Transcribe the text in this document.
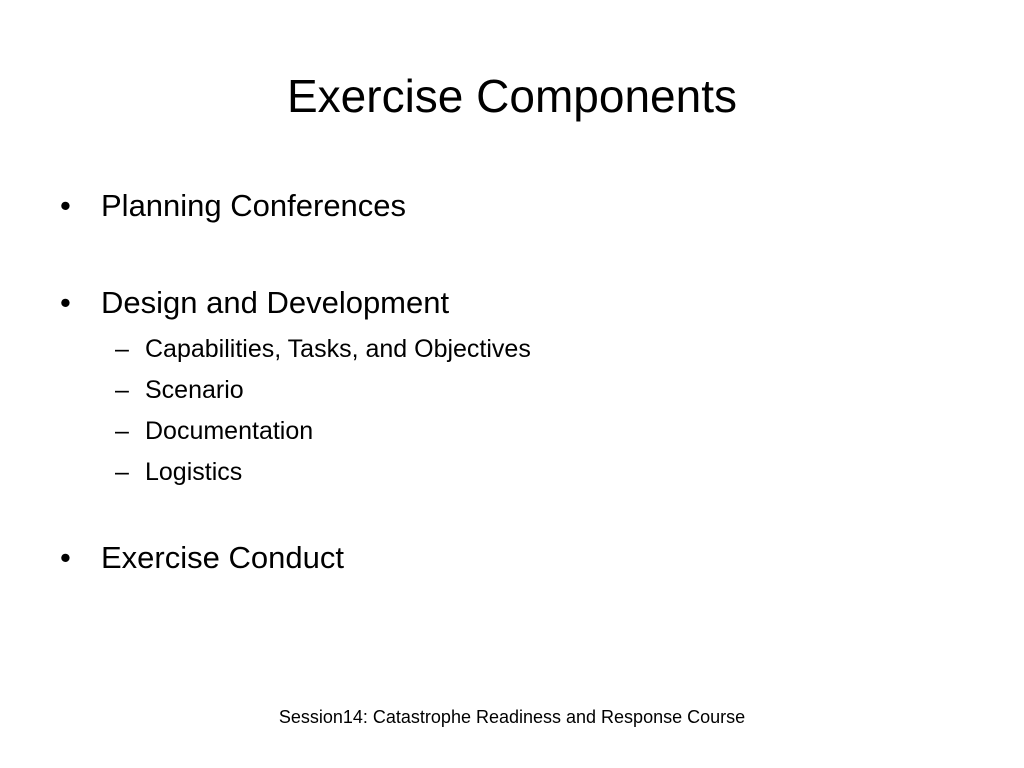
Exercise Components
• Planning Conferences
• Design and Development
– Capabilities, Tasks, and Objectives
– Scenario
– Documentation
– Logistics
• Exercise Conduct
Session14: Catastrophe Readiness and Response Course
